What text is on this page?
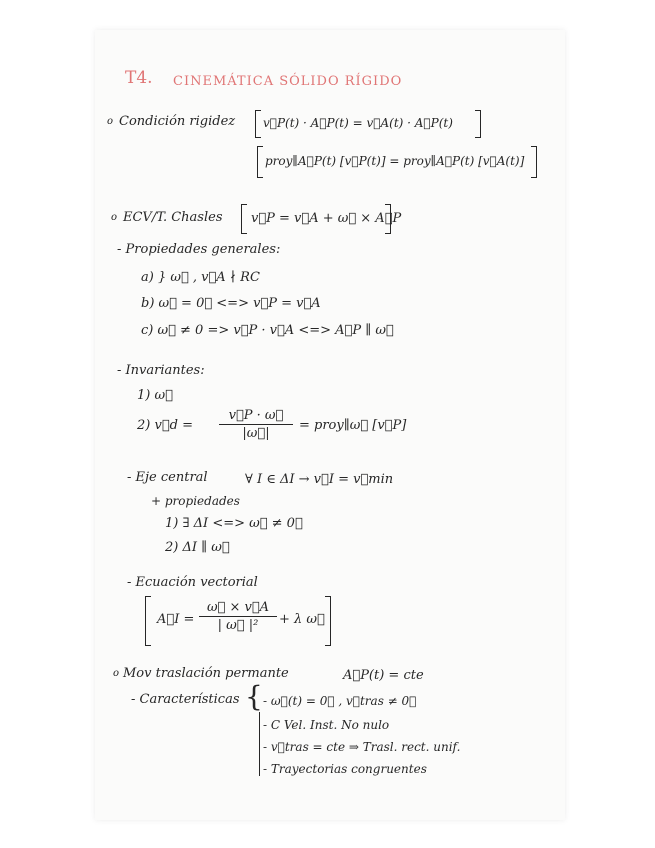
T4. CINEMÁTICA SÓLIDO RÍGIDO
o Condición rigidez v⃗P(t) · A⃗P(t) = v⃗A(t) · A⃗P(t)
proy∥A⃗P(t) [v⃗P(t)] = proy∥A⃗P(t) [v⃗A(t)]
o ECV/T. Chasles v⃗P = v⃗A + ω⃗ × A⃗P
- Propiedades generales:
a) } ω⃗ , v⃗A ∤ RC
b) ω⃗ = 0⃗ <=> v⃗P = v⃗A
c) ω⃗ ≠ 0 => v⃗P · v⃗A <=> A⃗P ∥ ω⃗
- Invariantes:
1) ω⃗
2) v⃗d = $\frac{v⃗P \cdot \omega⃗}{|\omega⃗|}$ = proy∥ω⃗ [v⃗P]
- Eje central	∀ I ∈ ΔI → v⃗I = v⃗min
+ propiedades
1) ∃ ΔI <=> ω⃗ ≠ 0⃗
2) ΔI ∥ ω⃗
- Ecuación vectorial
A⃗I = $\frac{\omega⃗ \times v⃗A}{\text{| ω⃗ |²}} + \lambda$ ω⃗
o Mov traslación permante	A⃗P(t) = cte
- Características { - ω⃗(t) = 0⃗ , v⃗tras ≠ 0⃗
- C Vel. Inst. No nulo
- v⃗tras = cte ⇒ Trasl. rect. unif.
- Trayectorias congruentes
